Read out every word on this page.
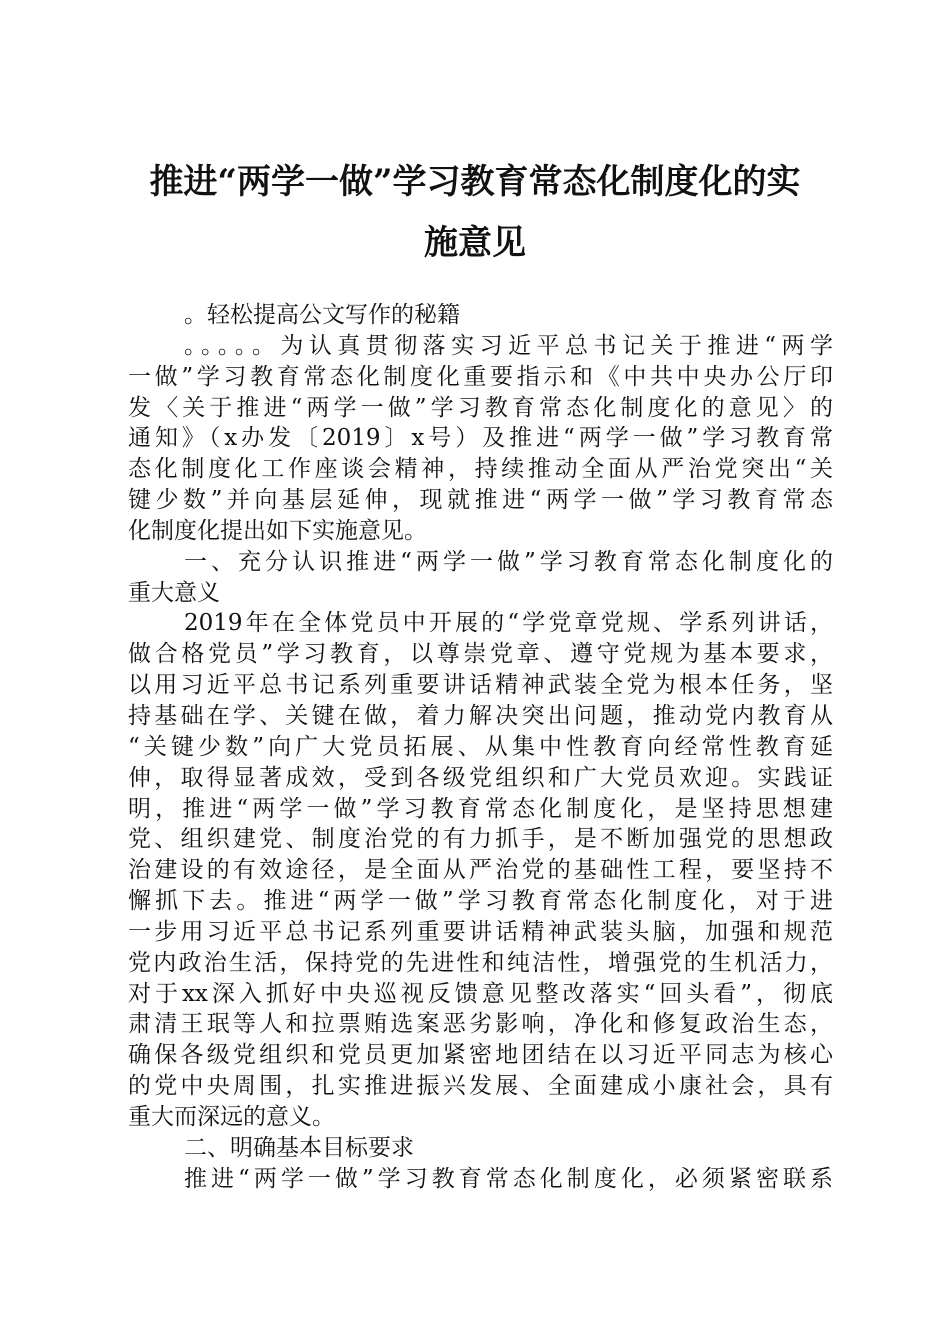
推进“两学一做”学习教育常态化制度化的实
施意见
。轻松提高公文写作的秘籍
。。。。。为认真贯彻落实习近平总书记关于推进“两学
一做”学习教育常态化制度化重要指示和《中共中央办公厅印
发〈关于推进“两学一做”学习教育常态化制度化的意见〉的
通知》（x办发〔2019〕x号）及推进“两学一做”学习教育常
态化制度化工作座谈会精神，持续推动全面从严治党突出“关
键少数”并向基层延伸，现就推进“两学一做”学习教育常态
化制度化提出如下实施意见。
一、充分认识推进“两学一做”学习教育常态化制度化的
重大意义
2019年在全体党员中开展的“学党章党规、学系列讲话，
做合格党员”学习教育，以尊崇党章、遵守党规为基本要求，
以用习近平总书记系列重要讲话精神武装全党为根本任务，坚
持基础在学、关键在做，着力解决突出问题，推动党内教育从
“关键少数”向广大党员拓展、从集中性教育向经常性教育延
伸，取得显著成效，受到各级党组织和广大党员欢迎。实践证
明，推进“两学一做”学习教育常态化制度化，是坚持思想建
党、组织建党、制度治党的有力抓手，是不断加强党的思想政
治建设的有效途径，是全面从严治党的基础性工程，要坚持不
懈抓下去。推进“两学一做”学习教育常态化制度化，对于进
一步用习近平总书记系列重要讲话精神武装头脑，加强和规范
党内政治生活，保持党的先进性和纯洁性，增强党的生机活力，
对于xx深入抓好中央巡视反馈意见整改落实“回头看”，彻底
肃清王珉等人和拉票贿选案恶劣影响，净化和修复政治生态，
确保各级党组织和党员更加紧密地团结在以习近平同志为核心
的党中央周围，扎实推进振兴发展、全面建成小康社会，具有
重大而深远的意义。
二、明确基本目标要求
推进“两学一做”学习教育常态化制度化，必须紧密联系
